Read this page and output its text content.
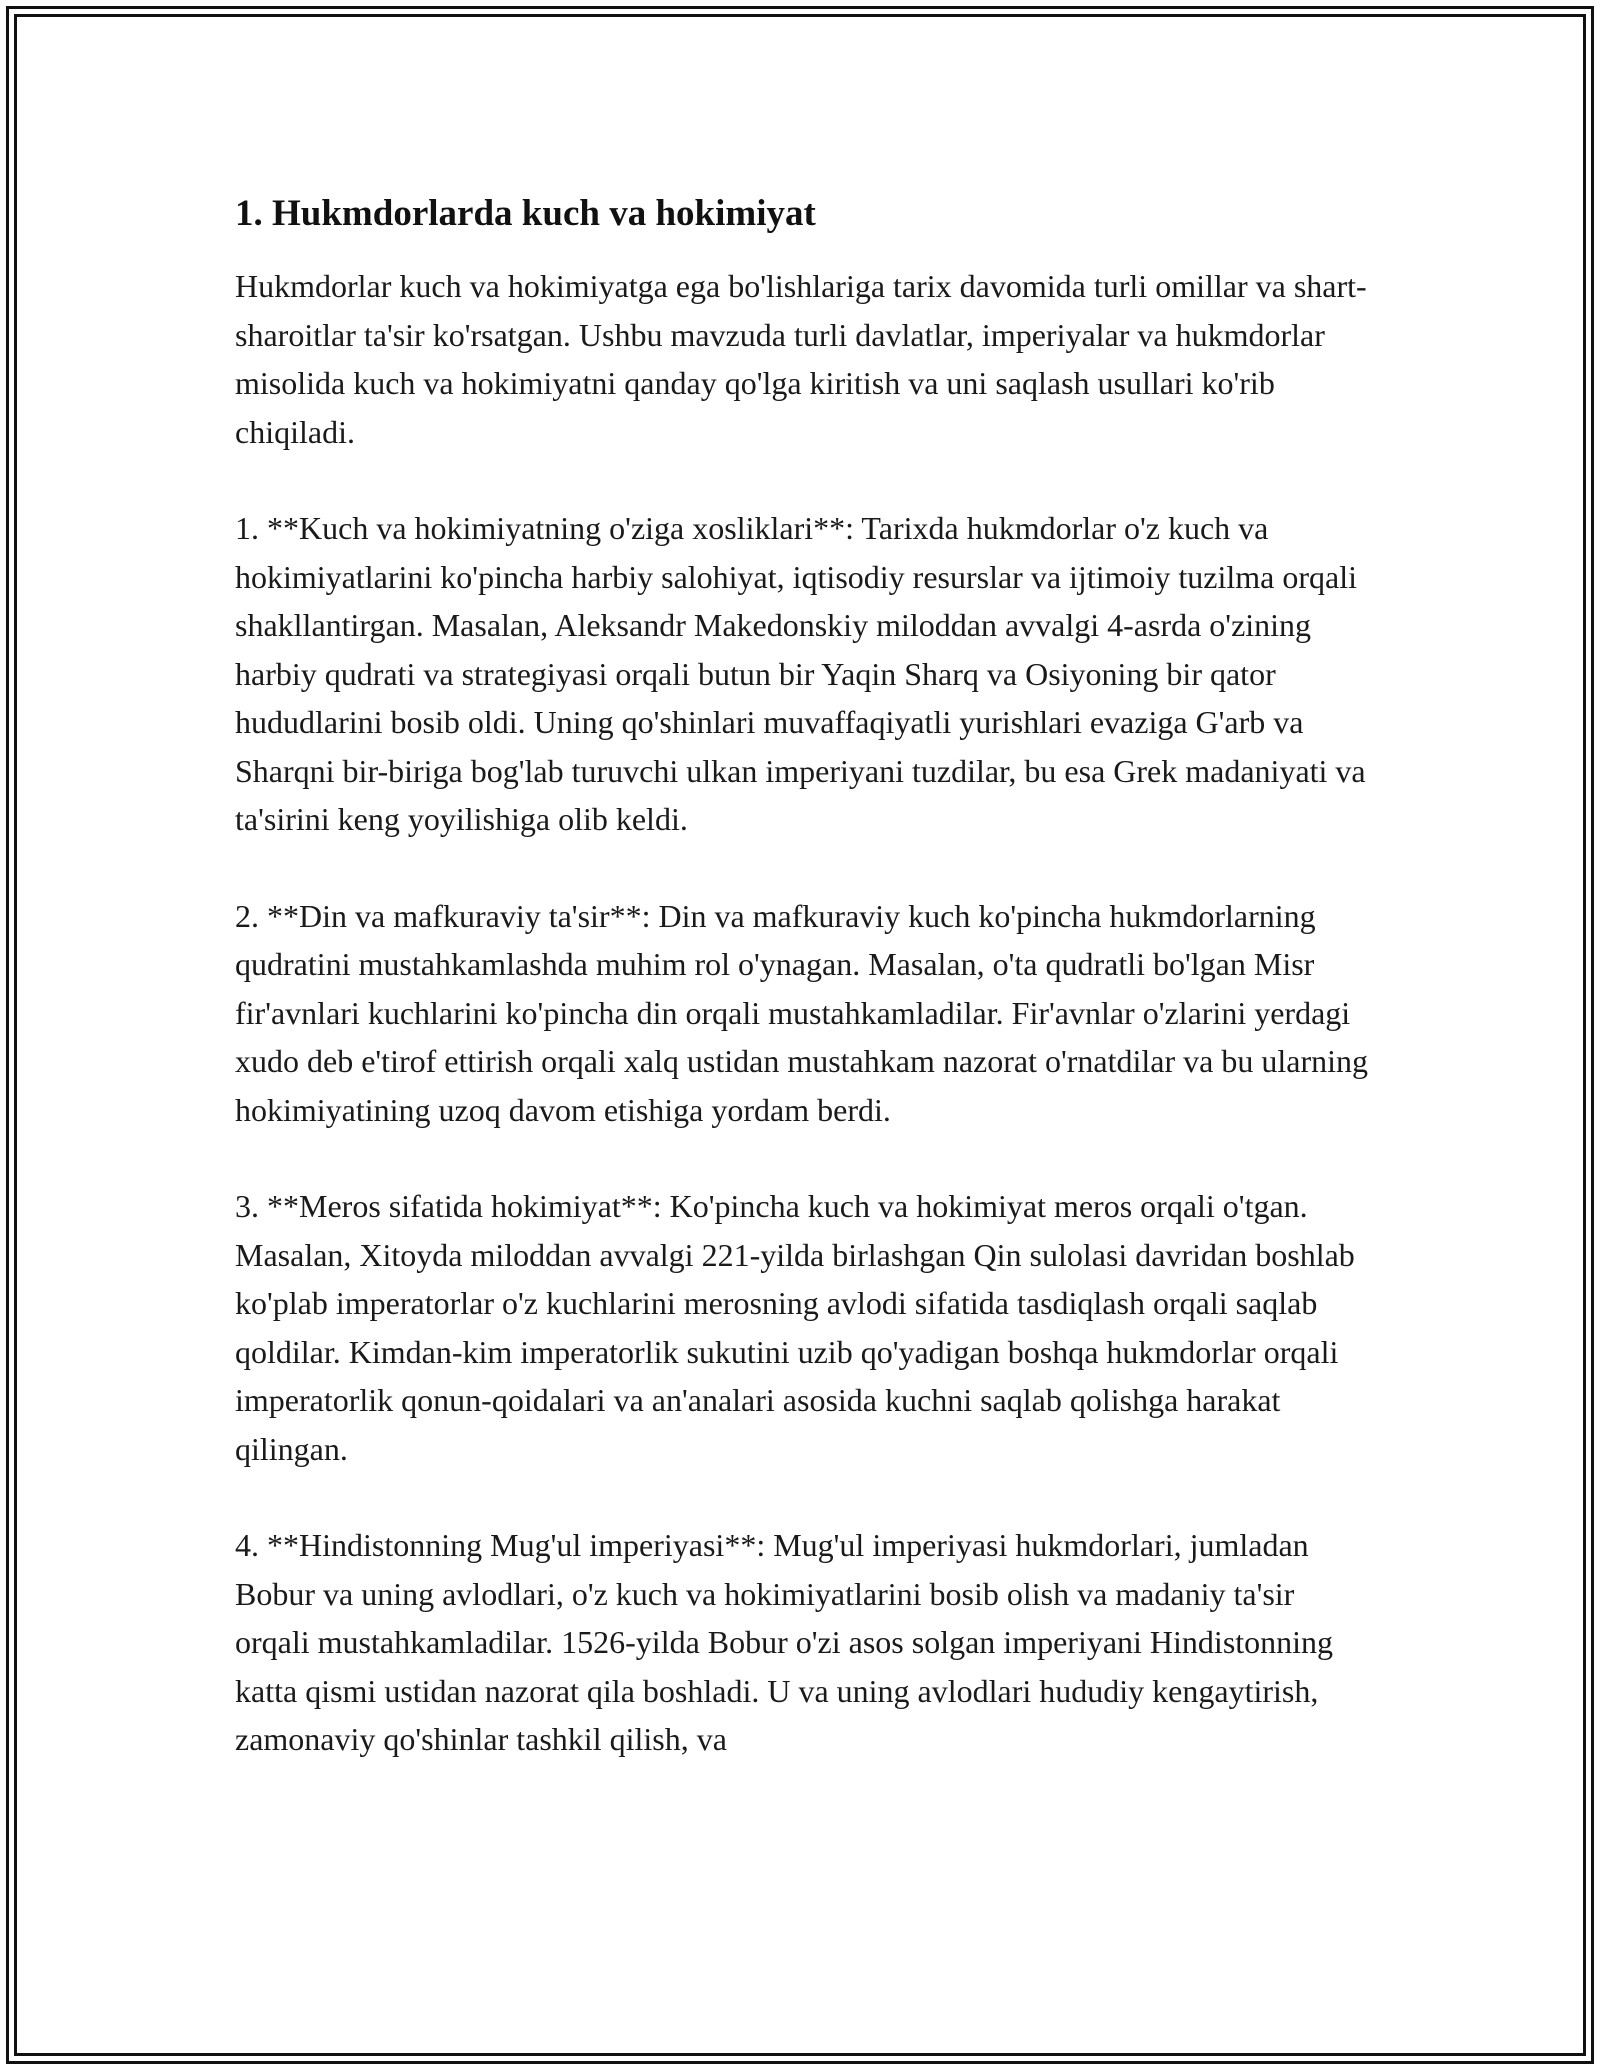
1. Hukmdorlarda kuch va hokimiyat

Hukmdorlar kuch va hokimiyatga ega bo'lishlariga tarix davomida turli omillar va shart-sharoitlar ta'sir ko'rsatgan. Ushbu mavzuda turli davlatlar, imperiyalar va hukmdorlar misolida kuch va hokimiyatni qanday qo'lga kiritish va uni saqlash usullari ko'rib chiqiladi.

1. **Kuch va hokimiyatning o'ziga xosliklari**: Tarixda hukmdorlar o'z kuch va hokimiyatlarini ko'pincha harbiy salohiyat, iqtisodiy resurslar va ijtimoiy tuzilma orqali shakllantirgan. Masalan, Aleksandr Makedonskiy miloddan avvalgi 4-asrda o'zining harbiy qudrati va strategiyasi orqali butun bir Yaqin Sharq va Osiyoning bir qator hududlarini bosib oldi. Uning qo'shinlari muvaffaqiyatli yurishlari evaziga G'arb va Sharqni bir-biriga bog'lab turuvchi ulkan imperiyani tuzdilar, bu esa Grek madaniyati va ta'sirini keng yoyilishiga olib keldi.

2. **Din va mafkuraviy ta'sir**: Din va mafkuraviy kuch ko'pincha hukmdorlarning qudratini mustahkamlashda muhim rol o'ynagan. Masalan, o'ta qudratli bo'lgan Misr fir'avnlari kuchlarini ko'pincha din orqali mustahkamladilar. Fir'avnlar o'zlarini yerdagi xudo deb e'tirof ettirish orqali xalq ustidan mustahkam nazorat o'rnatdilar va bu ularning hokimiyatining uzoq davom etishiga yordam berdi.

3. **Meros sifatida hokimiyat**: Ko'pincha kuch va hokimiyat meros orqali o'tgan. Masalan, Xitoyda miloddan avvalgi 221-yilda birlashgan Qin sulolasi davridan boshlab ko'plab imperatorlar o'z kuchlarini merosning avlodi sifatida tasdiqlash orqali saqlab qoldilar. Kimdan-kim imperatorlik sukutini uzib qo'yadigan boshqa hukmdorlar orqali imperatorlik qonun-qoidalari va an'analari asosida kuchni saqlab qolishga harakat qilingan.

4. **Hindistonning Mug'ul imperiyasi**: Mug'ul imperiyasi hukmdorlari, jumladan Bobur va uning avlodlari, o'z kuch va hokimiyatlarini bosib olish va madaniy ta'sir orqali mustahkamladilar. 1526-yilda Bobur o'zi asos solgan imperiyani Hindistonning katta qismi ustidan nazorat qila boshladi. U va uning avlodlari hududiy kengaytirish, zamonaviy qo'shinlar tashkil qilish, va
